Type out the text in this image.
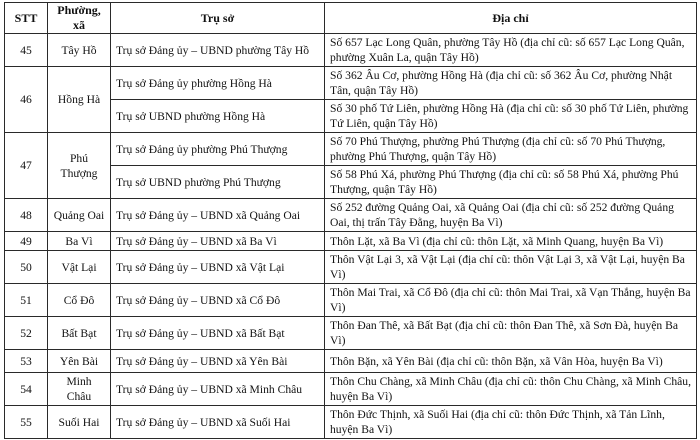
STT	Phường, xã	Trụ sở	Địa chỉ
45	Tây Hồ	Trụ sở Đảng ủy – UBND phường Tây Hồ	Số 657 Lạc Long Quân, phường Tây Hồ (địa chỉ cũ: số 657 Lạc Long Quân, phường Xuân La, quận Tây Hồ)
46	Hồng Hà	Trụ sở Đảng ủy phường Hồng Hà	Số 362 Âu Cơ, phường Hồng Hà (địa chỉ cũ: số 362 Âu Cơ, phường Nhật Tân, quận Tây Hồ)
		Trụ sở UBND phường Hồng Hà	Số 30 phố Tứ Liên, phường Hồng Hà (địa chỉ cũ: số 30 phố Tứ Liên, phường Tứ Liên, quận Tây Hồ)
47	Phú Thượng	Trụ sở Đảng ủy phường Phú Thượng	Số 70 Phú Thượng, phường Phú Thượng (địa chỉ cũ: số 70 Phú Thượng, phường Phú Thượng, quận Tây Hồ)
		Trụ sở UBND phường Phú Thượng	Số 58 Phú Xá, phường Phú Thượng (địa chỉ cũ: số 58 Phú Xá, phường Phú Thượng, quận Tây Hồ)
48	Quảng Oai	Trụ sở Đảng ủy – UBND xã Quảng Oai	Số 252 đường Quảng Oai, xã Quảng Oai (địa chỉ cũ: số 252 đường Quảng Oai, thị trấn Tây Đằng, huyện Ba Vì)
49	Ba Vì	Trụ sở Đảng ủy – UBND xã Ba Vì	Thôn Lặt, xã Ba Vì (địa chỉ cũ: thôn Lặt, xã Minh Quang, huyện Ba Vì)
50	Vật Lại	Trụ sở Đảng ủy – UBND xã Vật Lại	Thôn Vật Lại 3, xã Vật Lại (địa chỉ cũ: thôn Vật Lại 3, xã Vật Lại, huyện Ba Vì)
51	Cổ Đô	Trụ sở Đảng ủy – UBND xã Cổ Đô	Thôn Mai Trai, xã Cổ Đô (địa chỉ cũ: thôn Mai Trai, xã Vạn Thắng, huyện Ba Vì)
52	Bất Bạt	Trụ sở Đảng ủy – UBND xã Bất Bạt	Thôn Đan Thê, xã Bất Bạt (địa chỉ cũ: thôn Đan Thê, xã Sơn Đà, huyện Ba Vì)
53	Yên Bài	Trụ sở Đảng ủy – UBND xã Yên Bài	Thôn Bặn, xã Yên Bài (địa chỉ cũ: thôn Bặn, xã Vân Hòa, huyện Ba Vì)
54	Minh Châu	Trụ sở Đảng ủy – UBND xã Minh Châu	Thôn Chu Chàng, xã Minh Châu (địa chỉ cũ: thôn Chu Chàng, xã Minh Châu, huyện Ba Vì)
55	Suối Hai	Trụ sở Đảng ủy – UBND xã Suối Hai	Thôn Đức Thịnh, xã Suối Hai (địa chỉ cũ: thôn Đức Thịnh, xã Tản Lĩnh, huyện Ba Vì)
